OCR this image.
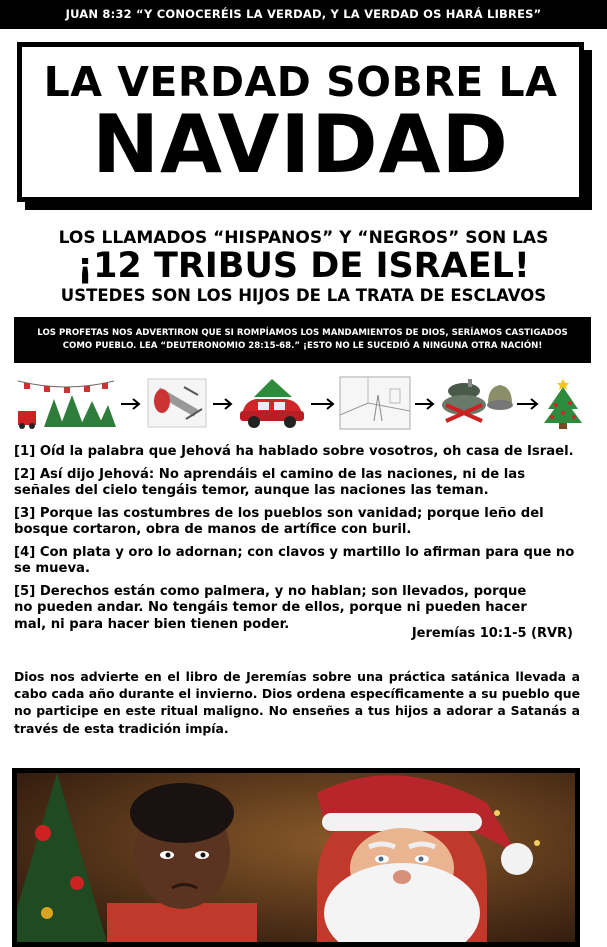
JUAN 8:32 “Y CONOCERÉIS LA VERDAD, Y LA VERDAD OS HARÁ LIBRES”
LA VERDAD SOBRE LA
NAVIDAD
LOS LLAMADOS “HISPANOS” Y “NEGROS” SON LAS
¡12 TRIBUS DE ISRAEL!
USTEDES SON LOS HIJOS DE LA TRATA DE ESCLAVOS
LOS PROFETAS NOS ADVERTIRON QUE SI ROMPÍAMOS LOS MANDAMIENTOS DE DIOS, SERÍAMOS CASTIGADOS
COMO PUEBLO. LEA “DEUTERONOMIO 28:15-68.” ¡ESTO NO LE SUCEDIÓ A NINGUNA OTRA NACIÓN!
[1] Oíd la palabra que Jehová ha hablado sobre vosotros, oh casa de Israel.
[2] Así dijo Jehová: No aprendáis el camino de las naciones, ni de las señales del cielo tengáis temor, aunque las naciones las teman.
[3] Porque las costumbres de los pueblos son vanidad; porque leño del bosque cortaron, obra de manos de artífice con buril.
[4] Con plata y oro lo adornan; con clavos y martillo lo afirman para que no se mueva.
[5] Derechos están como palmera, y no hablan; son llevados, porque no pueden andar. No tengáis temor de ellos, porque ni pueden hacer mal, ni para hacer bien tienen poder.
Jeremías 10:1-5 (RVR)
Dios nos advierte en el libro de Jeremías sobre una práctica satánica llevada a cabo cada año durante el invierno. Dios ordena específicamente a su pueblo que no participe en este ritual maligno. No enseñes a tus hijos a adorar a Satanás a través de esta tradición impía.
